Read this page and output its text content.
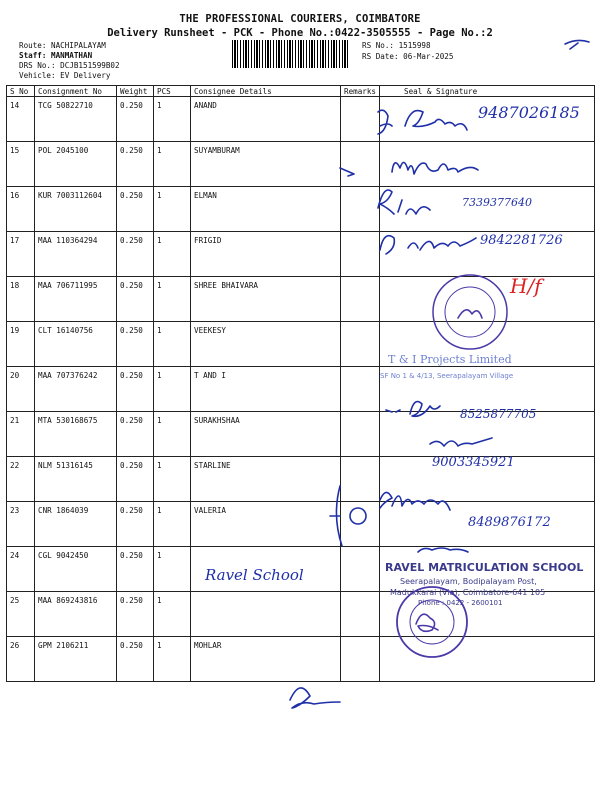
THE PROFESSIONAL COURIERS, COIMBATORE
Delivery Runsheet - PCK - Phone No.:0422-3505555 - Page No.:2
Route: NACHIPALAYAM
Staff: MANMATHAN
DRS No.: DCJB151599B02
Vehicle: EV Delivery
RS No.: 1515998
RS Date: 06-Mar-2025
S No	Consignment No	Weight	PCS	Consignee Details	Remarks	Seal & Signature
14	TCG 50822710	0.250	1	ANAND		
15	POL 2045100	0.250	1	SUYAMBURAM		
16	KUR 7003112604	0.250	1	ELMAN		
17	MAA 110364294	0.250	1	FRIGID		
18	MAA 706711995	0.250	1	SHREE BHAIVARA		
19	CLT 16140756	0.250	1	VEEKESY		
20	MAA 707376242	0.250	1	T AND I		
21	MTA 530168675	0.250	1	SURAKHSHAA		
22	NLM 51316145	0.250	1	STARLINE		
23	CNR 1864039	0.250	1	VALERIA		
24	CGL 9042450	0.250	1			
25	MAA 869243816	0.250	1			
26	GPM 2106211	0.250	1	MOHLAR		
9487026185
7339377640
9842281726
H/f
T & I Projects Limited
SF No 1 & 4/13, Seerapalayam Village
8525877705
9003345921
8489876172
Ravel School	RAVEL MATRICULATION SCHOOL
Seerapalayam, Bodipalayam Post,
Madukkarai (Via), Coimbatore-641 105
Phone : 0422 - 2600101
